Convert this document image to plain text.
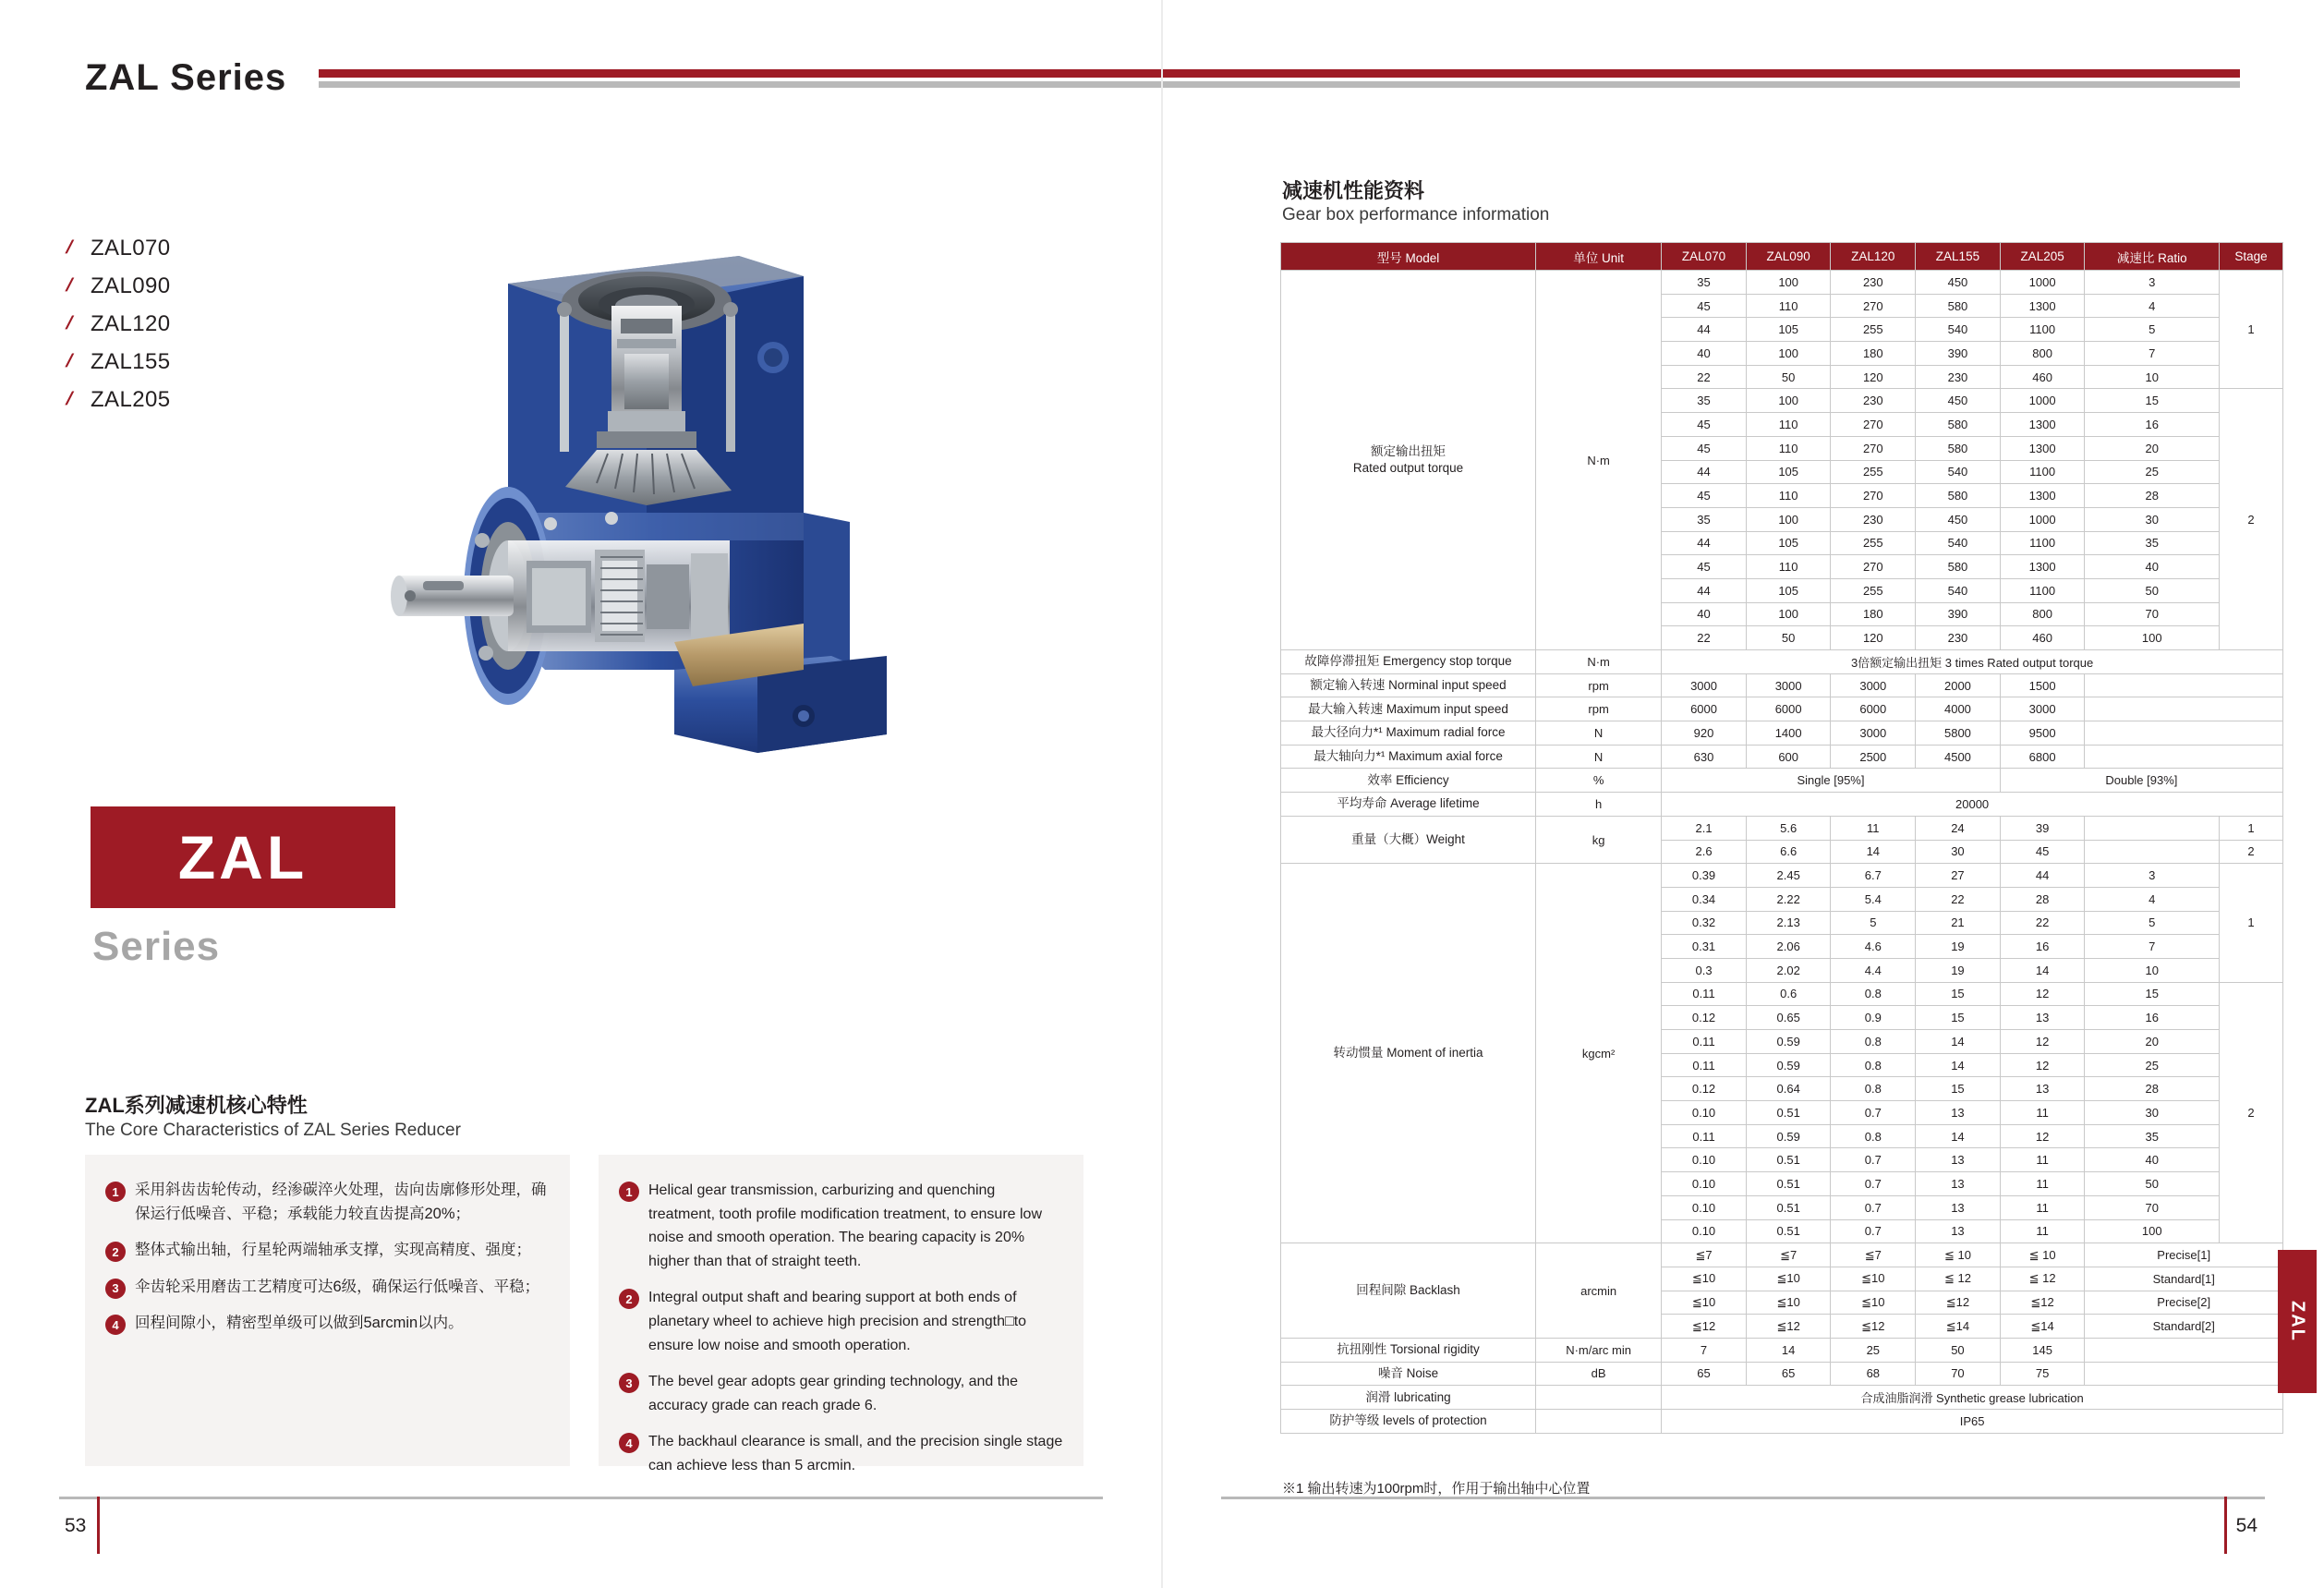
ZAL Series
/ ZAL070
/ ZAL090
/ ZAL120
/ ZAL155
/ ZAL205
ZAL
Series
ZAL系列减速机核心特性
The Core Characteristics of ZAL Series Reducer
1	采用斜齿齿轮传动，经渗碳淬火处理，齿向齿廓修形处理，确保运行低噪音、平稳；承载能力较直齿提高20%；
2	整体式输出轴，行星轮两端轴承支撑，实现高精度、强度；
3	伞齿轮采用磨齿工艺精度可达6级，确保运行低噪音、平稳；
4	回程间隙小，精密型单级可以做到5arcmin以内。
1	Helical gear transmission, carburizing and quenching treatment, tooth profile modification treatment, to ensure low noise and smooth operation. The bearing capacity is 20% higher than that of straight teeth.
2	Integral output shaft and bearing support at both ends of planetary wheel to achieve high precision and strength□to ensure low noise and smooth operation.
3	The bevel gear adopts gear grinding technology, and the accuracy grade can reach grade 6.
4	The backhaul clearance is small, and the precision single stage can achieve less than 5 arcmin.
53
减速机性能资料
Gear box performance information
型号 Model	单位 Unit	ZAL070	ZAL090	ZAL120	ZAL155	ZAL205	减速比 Ratio	Stage

额定输出扭矩
Rated output torque	N·m	35	100	230	450	1000	3	1
		45	110	270	580	1300	4	
		44	105	255	540	1100	5	
		40	100	180	390	800	7	
		22	50	120	230	460	10	
		35	100	230	450	1000	15	2
		45	110	270	580	1300	16	
		45	110	270	580	1300	20	
		44	105	255	540	1100	25	
		45	110	270	580	1300	28	
		35	100	230	450	1000	30	
		44	105	255	540	1100	35	
		45	110	270	580	1300	40	
		44	105	255	540	1100	50	
		40	100	180	390	800	70	
		22	50	120	230	460	100	
故障停滞扭矩 Emergency stop torque	N·m	3倍额定输出扭矩 3 times Rated output torque						
额定输入转速 Norminal input speed	rpm	3000	3000	3000	2000	1500		
最大输入转速 Maximum input speed	rpm	6000	6000	6000	4000	3000		
最大径向力*¹ Maximum radial force	N	920	1400	3000	5800	9500		
最大轴向力*¹ Maximum axial force	N	630	600	2500	4500	6800		
效率 Efficiency	%	Single [95%]				Double [93%]		
平均寿命 Average lifetime	h	20000						
重量（大概）Weight	kg	2.1	5.6	11	24	39		1
		2.6	6.6	14	30	45		2
转动惯量 Moment of inertia	kgcm²	0.39	2.45	6.7	27	44	3	1
		0.34	2.22	5.4	22	28	4	
		0.32	2.13	5	21	22	5	
		0.31	2.06	4.6	19	16	7	
		0.3	2.02	4.4	19	14	10	
		0.11	0.6	0.8	15	12	15	2
		0.12	0.65	0.9	15	13	16	
		0.11	0.59	0.8	14	12	20	
		0.11	0.59	0.8	14	12	25	
		0.12	0.64	0.8	15	13	28	
		0.10	0.51	0.7	13	11	30	
		0.11	0.59	0.8	14	12	35	
		0.10	0.51	0.7	13	11	40	
		0.10	0.51	0.7	13	11	50	
		0.10	0.51	0.7	13	11	70	
		0.10	0.51	0.7	13	11	100	
回程间隙 Backlash	arcmin	≦7	≦7	≦7	≦ 10	≦ 10	Precise[1]	
		≦10	≦10	≦10	≦ 12	≦ 12	Standard[1]	
		≦10	≦10	≦10	≦12	≦12	Precise[2]	
		≦12	≦12	≦12	≦14	≦14	Standard[2]	
抗扭刚性 Torsional rigidity	N·m/arc min	7	14	25	50	145		
噪音 Noise	dB	65	65	68	70	75		
润滑 lubricating		合成油脂润滑 Synthetic grease lubrication						
防护等级 levels of protection		IP65						
※1 输出转速为100rpm时，作用于输出轴中心位置
ZAL
54
